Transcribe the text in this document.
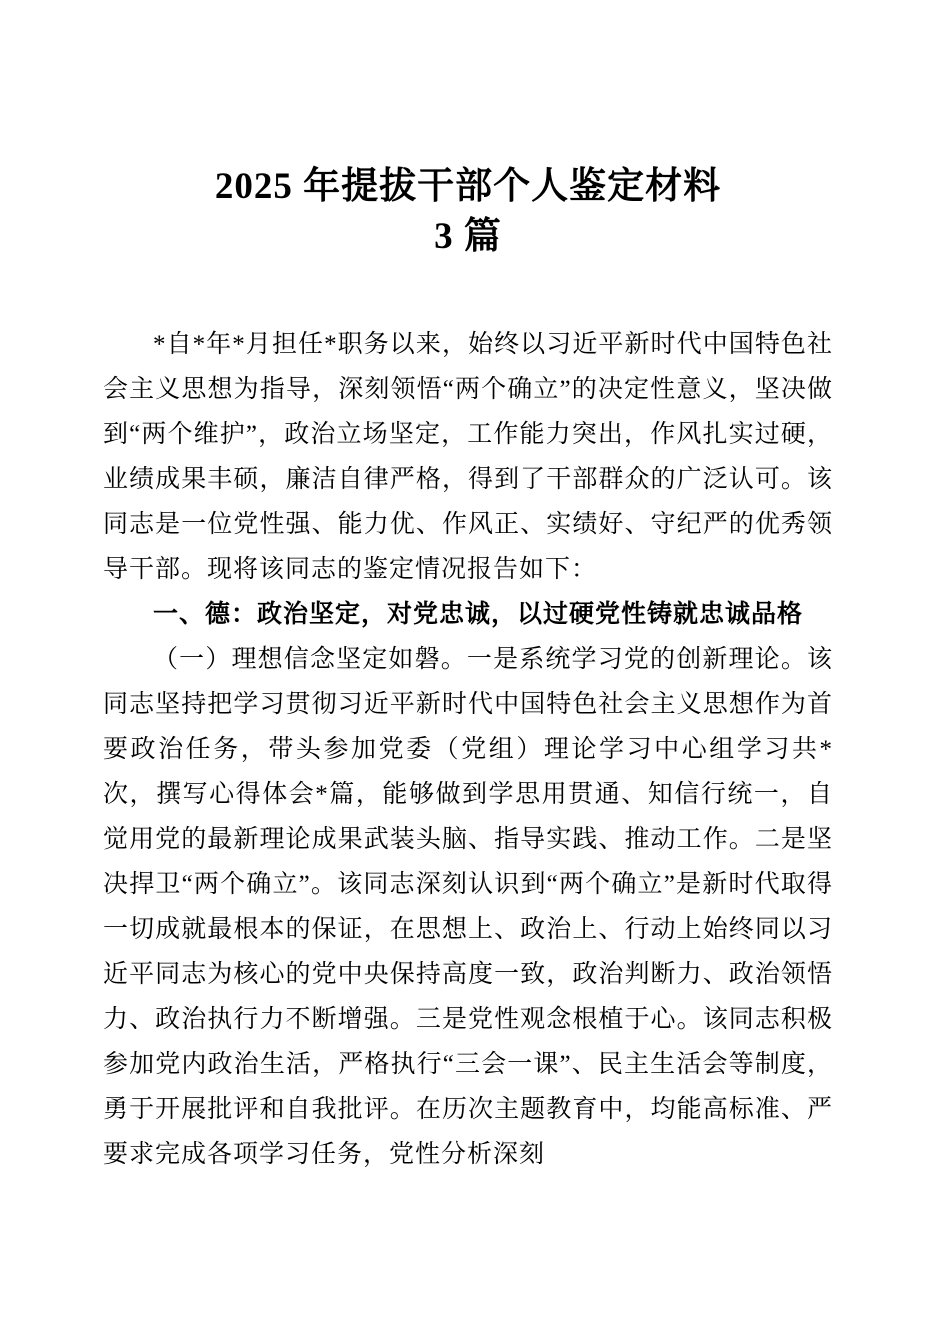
2025 年提拔干部个人鉴定材料
3 篇

*自*年*月担任*职务以来，始终以习近平新时代中国特色社会主义思想为指导，深刻领悟“两个确立”的决定性意义，坚决做到“两个维护”，政治立场坚定，工作能力突出，作风扎实过硬，业绩成果丰硕，廉洁自律严格，得到了干部群众的广泛认可。该同志是一位党性强、能力优、作风正、实绩好、守纪严的优秀领导干部。现将该同志的鉴定情况报告如下：

一、德：政治坚定，对党忠诚，以过硬党性铸就忠诚品格

（一）理想信念坚定如磐。一是系统学习党的创新理论。该同志坚持把学习贯彻习近平新时代中国特色社会主义思想作为首要政治任务，带头参加党委（党组）理论学习中心组学习共*次，撰写心得体会*篇，能够做到学思用贯通、知信行统一，自觉用党的最新理论成果武装头脑、指导实践、推动工作。二是坚决捍卫“两个确立”。该同志深刻认识到“两个确立”是新时代取得一切成就最根本的保证，在思想上、政治上、行动上始终同以习近平同志为核心的党中央保持高度一致，政治判断力、政治领悟力、政治执行力不断增强。三是党性观念根植于心。该同志积极参加党内政治生活，严格执行“三会一课”、民主生活会等制度，勇于开展批评和自我批评。在历次主题教育中，均能高标准、严要求完成各项学习任务，党性分析深刻
